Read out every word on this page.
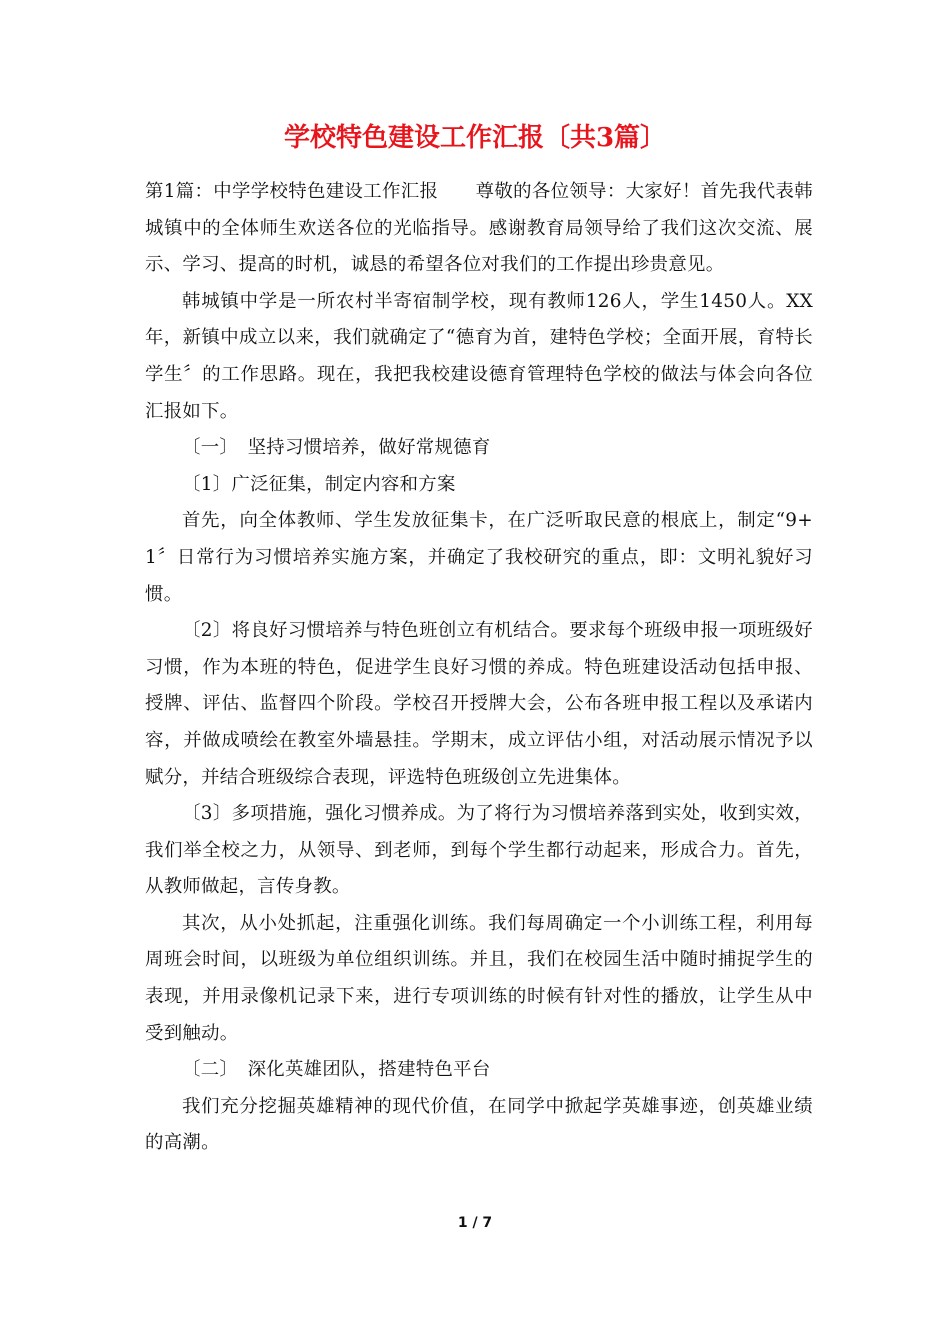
学校特色建设工作汇报〔共3篇〕

第1篇：中学学校特色建设工作汇报　　尊敬的各位领导：大家好！首先我代表韩城镇中的全体师生欢送各位的光临指导。感谢教育局领导给了我们这次交流、展示、学习、提高的时机，诚恳的希望各位对我们的工作提出珍贵意见。

韩城镇中学是一所农村半寄宿制学校，现有教师126人，学生1450人。XX年，新镇中成立以来，我们就确定了“德育为首，建特色学校；全面开展，育特长学生〞的工作思路。现在，我把我校建设德育管理特色学校的做法与体会向各位汇报如下。

〔一〕　坚持习惯培养，做好常规德育

〔1〕广泛征集，制定内容和方案

首先，向全体教师、学生发放征集卡，在广泛听取民意的根底上，制定“9+1〞日常行为习惯培养实施方案，并确定了我校研究的重点，即：文明礼貌好习惯。

〔2〕将良好习惯培养与特色班创立有机结合。要求每个班级申报一项班级好习惯，作为本班的特色，促进学生良好习惯的养成。特色班建设活动包括申报、授牌、评估、监督四个阶段。学校召开授牌大会，公布各班申报工程以及承诺内容，并做成喷绘在教室外墙悬挂。学期末，成立评估小组，对活动展示情况予以赋分，并结合班级综合表现，评选特色班级创立先进集体。

〔3〕多项措施，强化习惯养成。为了将行为习惯培养落到实处，收到实效，我们举全校之力，从领导、到老师，到每个学生都行动起来，形成合力。首先，从教师做起，言传身教。

其次，从小处抓起，注重强化训练。我们每周确定一个小训练工程，利用每周班会时间，以班级为单位组织训练。并且，我们在校园生活中随时捕捉学生的表现，并用录像机记录下来，进行专项训练的时候有针对性的播放，让学生从中受到触动。

〔二〕　深化英雄团队，搭建特色平台

我们充分挖掘英雄精神的现代价值，在同学中掀起学英雄事迹，创英雄业绩的高潮。

1 / 7
